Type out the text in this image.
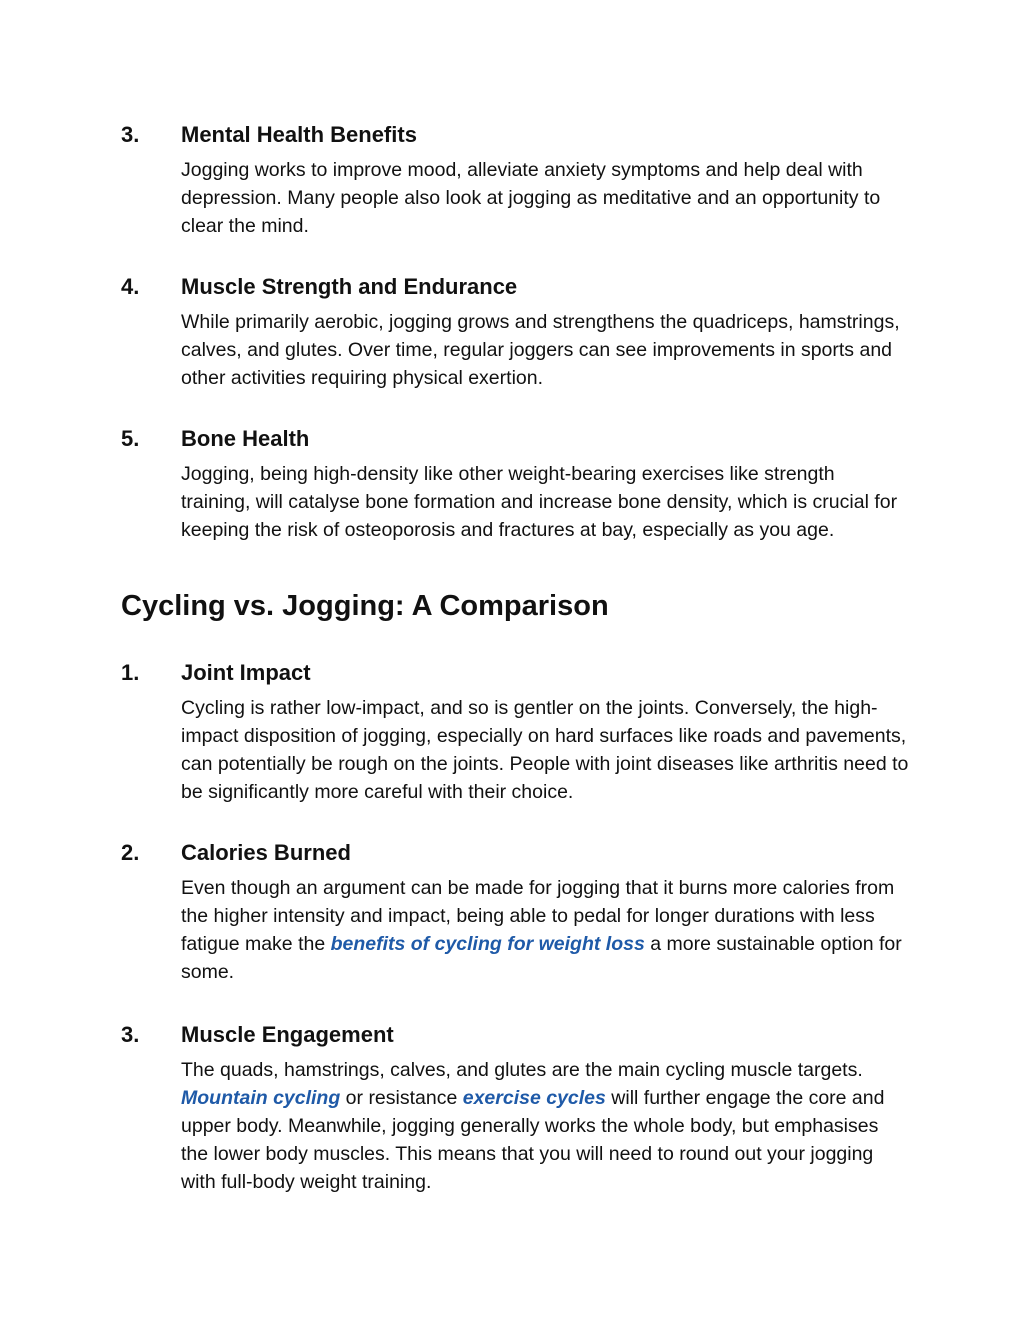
3. Mental Health Benefits
Jogging works to improve mood, alleviate anxiety symptoms and help deal with depression. Many people also look at jogging as meditative and an opportunity to clear the mind.
4. Muscle Strength and Endurance
While primarily aerobic, jogging grows and strengthens the quadriceps, hamstrings, calves, and glutes. Over time, regular joggers can see improvements in sports and other activities requiring physical exertion.
5. Bone Health
Jogging, being high-density like other weight-bearing exercises like strength training, will catalyse bone formation and increase bone density, which is crucial for keeping the risk of osteoporosis and fractures at bay, especially as you age.
Cycling vs. Jogging: A Comparison
1. Joint Impact
Cycling is rather low-impact, and so is gentler on the joints. Conversely, the high-impact disposition of jogging, especially on hard surfaces like roads and pavements, can potentially be rough on the joints. People with joint diseases like arthritis need to be significantly more careful with their choice.
2. Calories Burned
Even though an argument can be made for jogging that it burns more calories from the higher intensity and impact, being able to pedal for longer durations with less fatigue make the benefits of cycling for weight loss a more sustainable option for some.
3. Muscle Engagement
The quads, hamstrings, calves, and glutes are the main cycling muscle targets. Mountain cycling or resistance exercise cycles will further engage the core and upper body. Meanwhile, jogging generally works the whole body, but emphasises the lower body muscles. This means that you will need to round out your jogging with full-body weight training.
